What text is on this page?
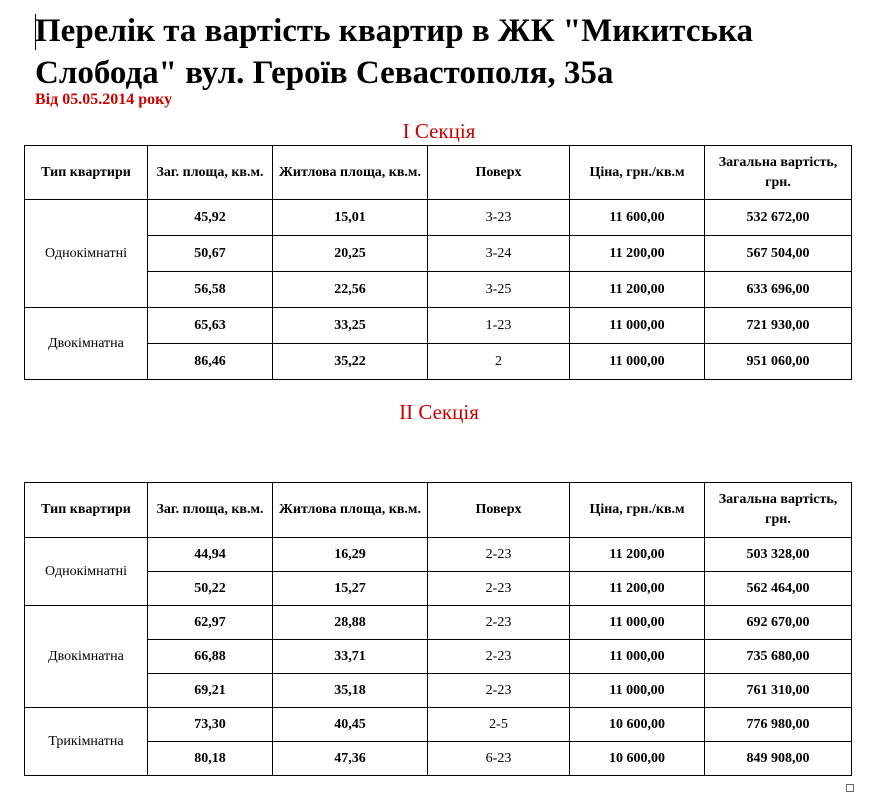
Перелік та вартість квартир в ЖК "Микитська Слобода" вул. Героїв Севастополя, 35а
Від 05.05.2014 року
I Секція
Тип квартири	Заг. площа, кв.м.	Житлова площа, кв.м.	Поверх	Ціна, грн./кв.м	Загальна вартість, грн.
Однокімнатні	45,92	15,01	3-23	11 600,00	532 672,00
	50,67	20,25	3-24	11 200,00	567 504,00
	56,58	22,56	3-25	11 200,00	633 696,00
Двокімнатна	65,63	33,25	1-23	11 000,00	721 930,00
	86,46	35,22	2	11 000,00	951 060,00
II Секція
Тип квартири	Заг. площа, кв.м.	Житлова площа, кв.м.	Поверх	Ціна, грн./кв.м	Загальна вартість, грн.
Однокімнатні	44,94	16,29	2-23	11 200,00	503 328,00
	50,22	15,27	2-23	11 200,00	562 464,00
Двокімнатна	62,97	28,88	2-23	11 000,00	692 670,00
	66,88	33,71	2-23	11 000,00	735 680,00
	69,21	35,18	2-23	11 000,00	761 310,00
Трикімнатна	73,30	40,45	2-5	10 600,00	776 980,00
	80,18	47,36	6-23	10 600,00	849 908,00
